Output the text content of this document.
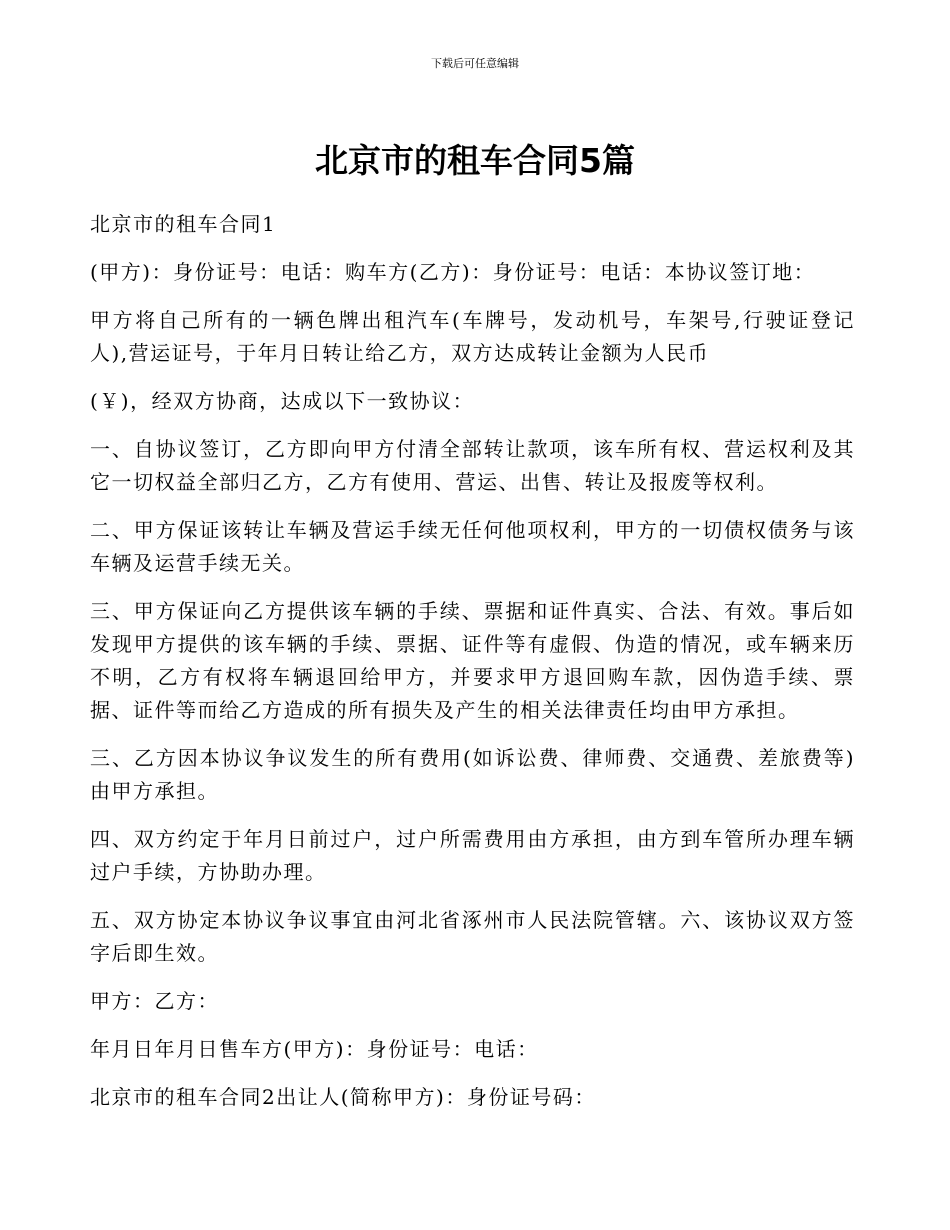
下载后可任意编辑
北京市的租车合同5篇

北京市的租车合同1

(甲方)：身份证号：电话：购车方(乙方)：身份证号：电话：本协议签订地：

甲方将自己所有的一辆色牌出租汽车(车牌号，发动机号，车架号,行驶证登记人),营运证号，于年月日转让给乙方，双方达成转让金额为人民币

(￥)，经双方协商，达成以下一致协议：

一、自协议签订，乙方即向甲方付清全部转让款项，该车所有权、营运权利及其它一切权益全部归乙方，乙方有使用、营运、出售、转让及报废等权利。

二、甲方保证该转让车辆及营运手续无任何他项权利，甲方的一切债权债务与该车辆及运营手续无关。

三、甲方保证向乙方提供该车辆的手续、票据和证件真实、合法、有效。事后如发现甲方提供的该车辆的手续、票据、证件等有虚假、伪造的情况，或车辆来历不明，乙方有权将车辆退回给甲方，并要求甲方退回购车款，因伪造手续、票据、证件等而给乙方造成的所有损失及产生的相关法律责任均由甲方承担。

三、乙方因本协议争议发生的所有费用(如诉讼费、律师费、交通费、差旅费等)由甲方承担。

四、双方约定于年月日前过户，过户所需费用由方承担，由方到车管所办理车辆过户手续，方协助办理。

五、双方协定本协议争议事宜由河北省涿州市人民法院管辖。六、该协议双方签字后即生效。

甲方：乙方：

年月日年月日售车方(甲方)：身份证号：电话：

北京市的租车合同2出让人(简称甲方)：身份证号码：
